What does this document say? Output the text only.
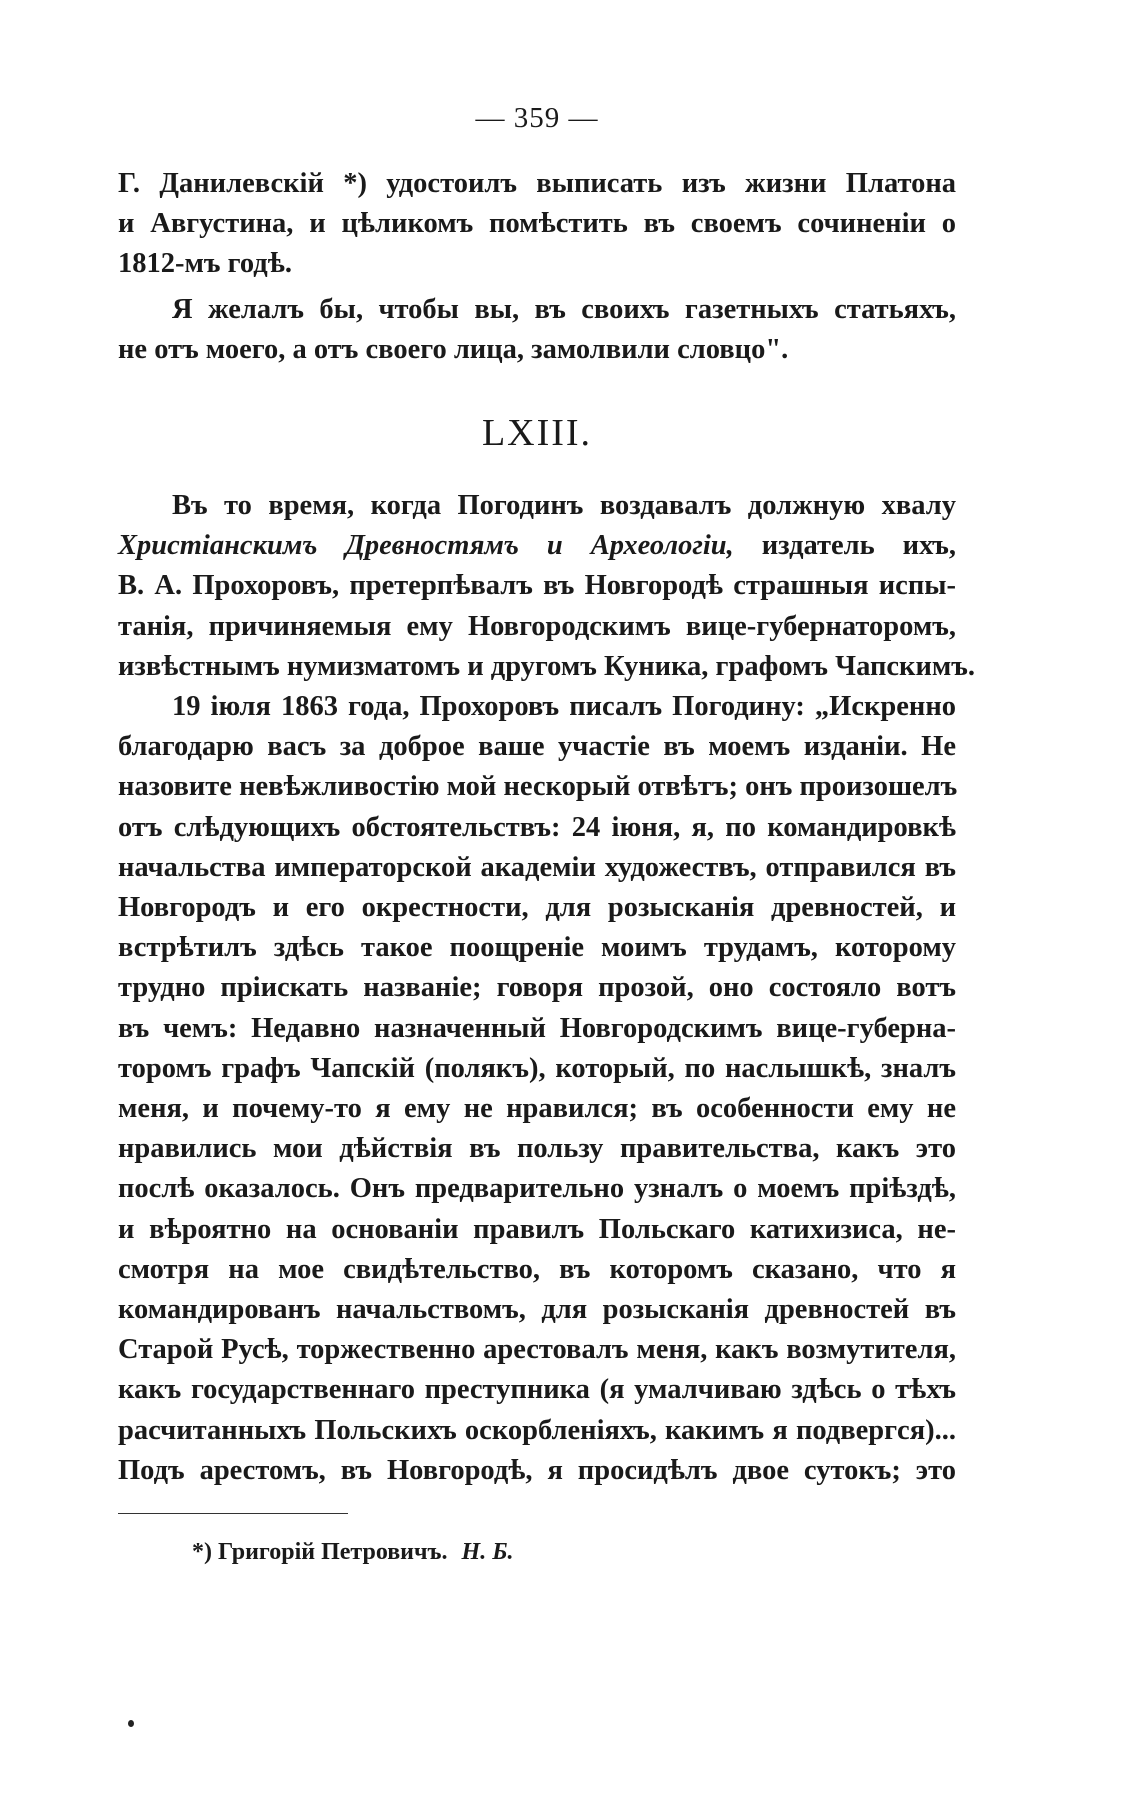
— 359 —
Г. Данилевскій *) удостоилъ выписать изъ жизни Платона
и Августина, и цѣликомъ помѣстить въ своемъ сочиненіи о
1812-мъ годѣ.
Я желалъ бы, чтобы вы, въ своихъ газетныхъ статьяхъ,
не отъ моего, а отъ своего лица, замолвили словцо".
LXIII.
Въ то время, когда Погодинъ воздавалъ должную хвалу
Христіанскимъ Древностямъ и Археологіи, издатель ихъ,
В. А. Прохоровъ, претерпѣвалъ въ Новгородѣ страшныя испы-
танія, причиняемыя ему Новгородскимъ вице-губернаторомъ,
извѣстнымъ нумизматомъ и другомъ Куника, графомъ Чапскимъ.
19 іюля 1863 года, Прохоровъ писалъ Погодину: „Искренно
благодарю васъ за доброе ваше участіе въ моемъ изданіи. Не
назовите невѣжливостію мой нескорый отвѣтъ; онъ произошелъ
отъ слѣдующихъ обстоятельствъ: 24 іюня, я, по командировкѣ
начальства императорской академіи художествъ, отправился въ
Новгородъ и его окрестности, для розысканія древностей, и
встрѣтилъ здѣсь такое поощреніе моимъ трудамъ, которому
трудно пріискать названіе; говоря прозой, оно состояло вотъ
въ чемъ: Недавно назначенный Новгородскимъ вице-губерна-
торомъ графъ Чапскій (полякъ), который, по наслышкѣ, зналъ
меня, и почему-то я ему не нравился; въ особенности ему не
нравились мои дѣйствія въ пользу правительства, какъ это
послѣ оказалось. Онъ предварительно узналъ о моемъ пріѣздѣ,
и вѣроятно на основаніи правилъ Польскаго катихизиса, не-
смотря на мое свидѣтельство, въ которомъ сказано, что я
командированъ начальствомъ, для розысканія древностей въ
Старой Русѣ, торжественно арестовалъ меня, какъ возмутителя,
какъ государственнаго преступника (я умалчиваю здѣсь о тѣхъ
расчитанныхъ Польскихъ оскорбленіяхъ, какимъ я подвергся)...
Подъ арестомъ, въ Новгородѣ, я просидѣлъ двое сутокъ; это
*) Григорій Петровичъ. Н. Б.
